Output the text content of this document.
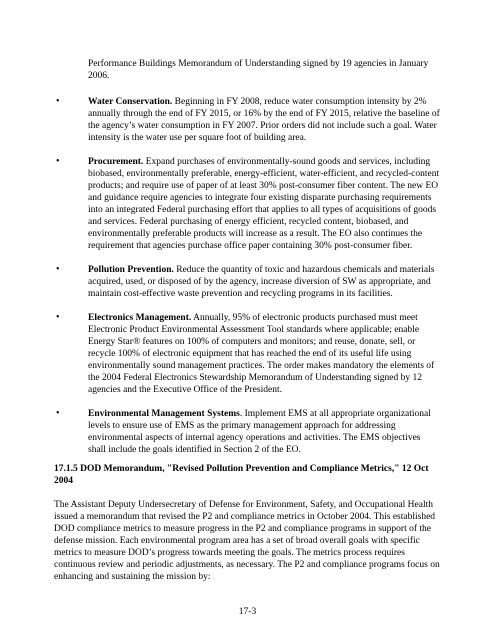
Performance Buildings Memorandum of Understanding signed by 19 agencies in January 2006.

•	Water Conservation. Beginning in FY 2008, reduce water consumption intensity by 2% annually through the end of FY 2015, or 16% by the end of FY 2015, relative the baseline of the agency’s water consumption in FY 2007. Prior orders did not include such a goal. Water intensity is the water use per square foot of building area.
•	Procurement. Expand purchases of environmentally-sound goods and services, including biobased, environmentally preferable, energy-efficient, water-efficient, and recycled-content products; and require use of paper of at least 30% post-consumer fiber content. The new EO and guidance require agencies to integrate four existing disparate purchasing requirements into an integrated Federal purchasing effort that applies to all types of acquisitions of goods and services. Federal purchasing of energy efficient, recycled content, biobased, and environmentally preferable products will increase as a result. The EO also continues the requirement that agencies purchase office paper containing 30% post-consumer fiber.
•	Pollution Prevention. Reduce the quantity of toxic and hazardous chemicals and materials acquired, used, or disposed of by the agency, increase diversion of SW as appropriate, and maintain cost-effective waste prevention and recycling programs in its facilities.
•	Electronics Management. Annually, 95% of electronic products purchased must meet Electronic Product Environmental Assessment Tool standards where applicable; enable Energy Star® features on 100% of computers and monitors; and reuse, donate, sell, or recycle 100% of electronic equipment that has reached the end of its useful life using environmentally sound management practices. The order makes mandatory the elements of the 2004 Federal Electronics Stewardship Memorandum of Understanding signed by 12 agencies and the Executive Office of the President.
•	Environmental Management Systems. Implement EMS at all appropriate organizational levels to ensure use of EMS as the primary management approach for addressing environmental aspects of internal agency operations and activities. The EMS objectives shall include the goals identified in Section 2 of the EO.

17.1.5 DOD Memorandum, "Revised Pollution Prevention and Compliance Metrics," 12 Oct 2004

The Assistant Deputy Undersecretary of Defense for Environment, Safety, and Occupational Health issued a memorandum that revised the P2 and compliance metrics in October 2004. This established DOD compliance metrics to measure progress in the P2 and compliance programs in support of the defense mission. Each environmental program area has a set of broad overall goals with specific metrics to measure DOD’s progress towards meeting the goals. The metrics process requires continuous review and periodic adjustments, as necessary. The P2 and compliance programs focus on enhancing and sustaining the mission by:

17-3
